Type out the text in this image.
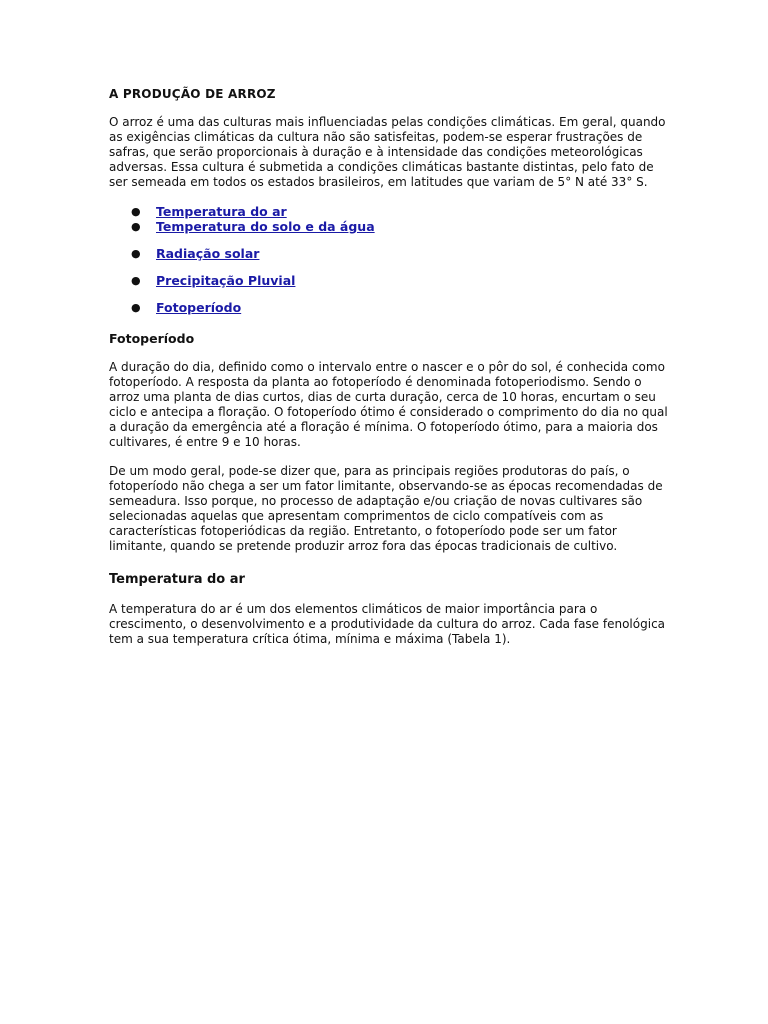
A PRODUÇÃO DE ARROZ

O arroz é uma das culturas mais influenciadas pelas condições climáticas. Em geral, quando as exigências climáticas da cultura não são satisfeitas, podem-se esperar frustrações de safras, que serão proporcionais à duração e à intensidade das condições meteorológicas adversas. Essa cultura é submetida a condições climáticas bastante distintas, pelo fato de ser semeada em todos os estados brasileiros, em latitudes que variam de 5° N até 33° S.

● Temperatura do ar
● Temperatura do solo e da água
● Radiação solar
● Precipitação Pluvial
● Fotoperíodo
Fotoperíodo

A duração do dia, definido como o intervalo entre o nascer e o pôr do sol, é conhecida como fotoperíodo. A resposta da planta ao fotoperíodo é denominada fotoperiodismo. Sendo o arroz uma planta de dias curtos, dias de curta duração, cerca de 10 horas, encurtam o seu ciclo e antecipa a floração. O fotoperíodo ótimo é considerado o comprimento do dia no qual a duração da emergência até a floração é mínima. O fotoperíodo ótimo, para a maioria dos cultivares, é entre 9 e 10 horas.

De um modo geral, pode-se dizer que, para as principais regiões produtoras do país, o fotoperíodo não chega a ser um fator limitante, observando-se as épocas recomendadas de semeadura. Isso porque, no processo de adaptação e/ou criação de novas cultivares são selecionadas aquelas que apresentam comprimentos de ciclo compatíveis com as características fotoperiódicas da região. Entretanto, o fotoperíodo pode ser um fator limitante, quando se pretende produzir arroz fora das épocas tradicionais de cultivo.

Temperatura do ar

A temperatura do ar é um dos elementos climáticos de maior importância para o crescimento, o desenvolvimento e a produtividade da cultura do arroz. Cada fase fenológica tem a sua temperatura crítica ótima, mínima e máxima (Tabela 1).
